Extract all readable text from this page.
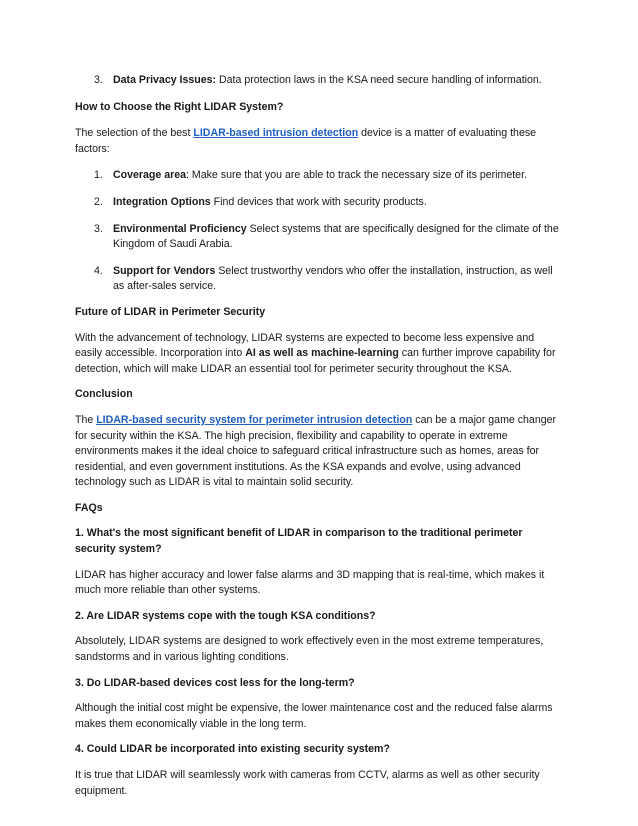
3. Data Privacy Issues: Data protection laws in the KSA need secure handling of information.

How to Choose the Right LIDAR System?

The selection of the best LIDAR-based intrusion detection device is a matter of evaluating these factors:

1. Coverage area: Make sure that you are able to track the necessary size of its perimeter.
2. Integration Options Find devices that work with security products.
3. Environmental Proficiency Select systems that are specifically designed for the climate of the Kingdom of Saudi Arabia.
4. Support for Vendors Select trustworthy vendors who offer the installation, instruction, as well as after-sales service.

Future of LIDAR in Perimeter Security

With the advancement of technology, LIDAR systems are expected to become less expensive and easily accessible. Incorporation into AI as well as machine-learning can further improve capability for detection, which will make LIDAR an essential tool for perimeter security throughout the KSA.

Conclusion

The LIDAR-based security system for perimeter intrusion detection can be a major game changer for security within the KSA. The high precision, flexibility and capability to operate in extreme environments makes it the ideal choice to safeguard critical infrastructure such as homes, areas for residential, and even government institutions. As the KSA expands and evolve, using advanced technology such as LIDAR is vital to maintain solid security.

FAQs

1. What's the most significant benefit of LIDAR in comparison to the traditional perimeter security system?

LIDAR has higher accuracy and lower false alarms and 3D mapping that is real-time, which makes it much more reliable than other systems.

2. Are LIDAR systems cope with the tough KSA conditions?

Absolutely, LIDAR systems are designed to work effectively even in the most extreme temperatures, sandstorms and in various lighting conditions.

3. Do LIDAR-based devices cost less for the long-term?

Although the initial cost might be expensive, the lower maintenance cost and the reduced false alarms makes them economically viable in the long term.

4. Could LIDAR be incorporated into existing security system?

It is true that LIDAR will seamlessly work with cameras from CCTV, alarms as well as other security equipment.
